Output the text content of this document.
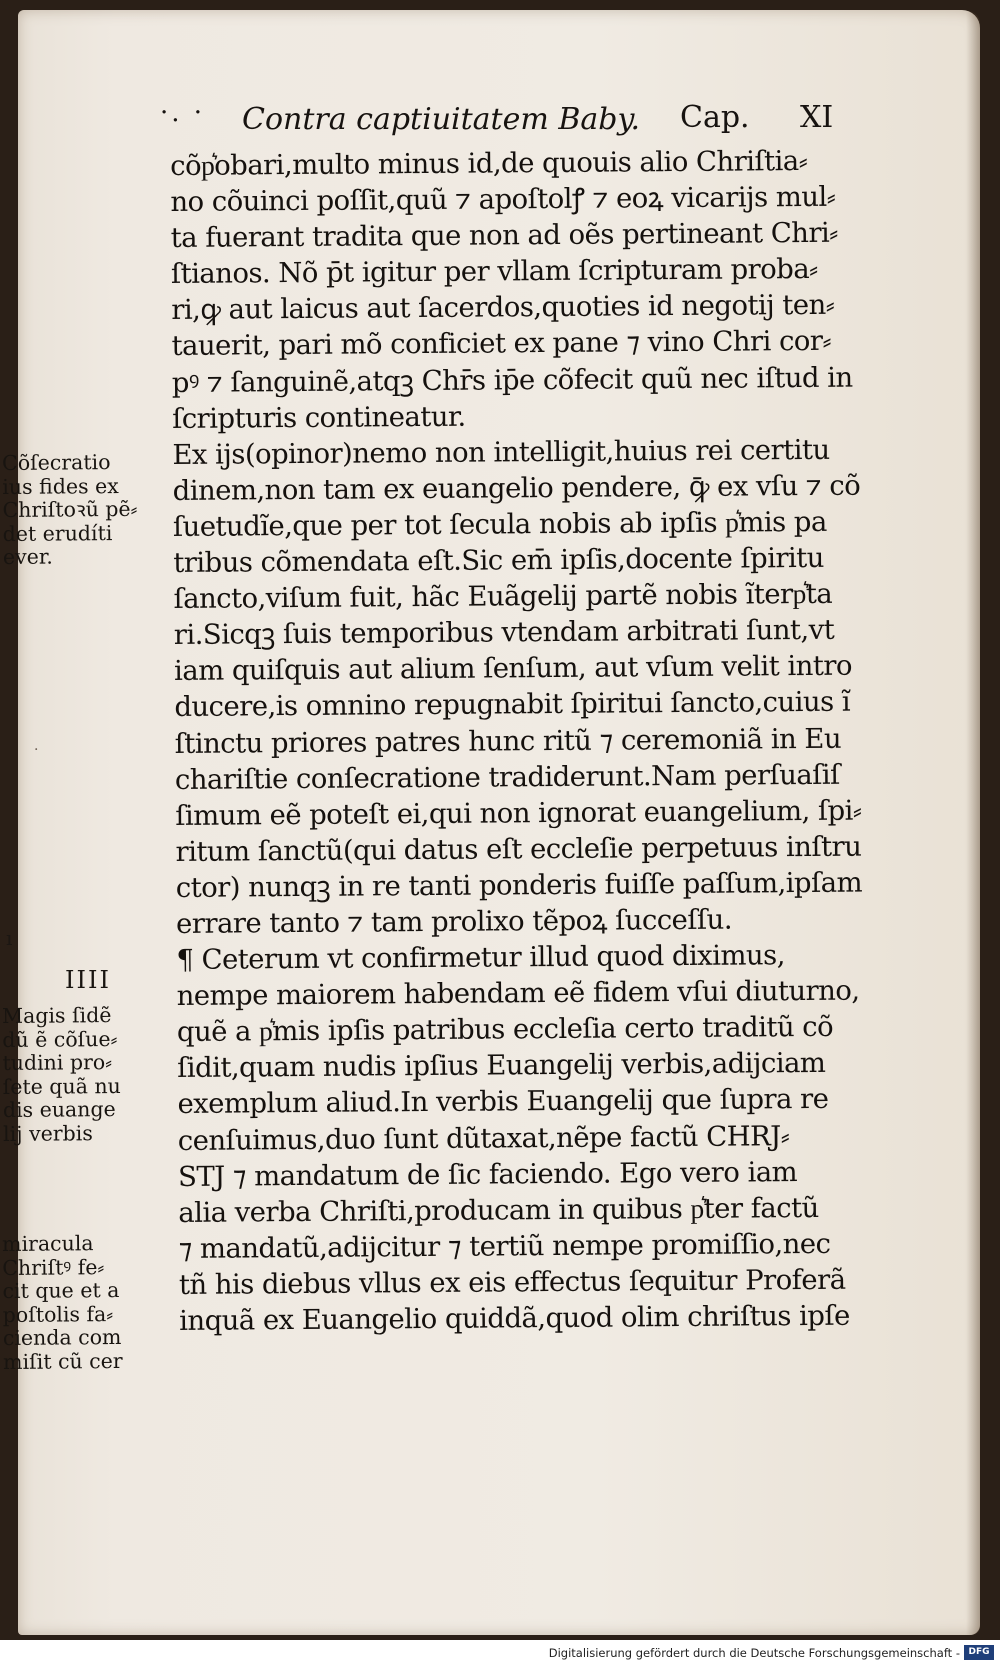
·. · Contra captiuitatem Baby. Cap. XI
cõp͛obari,multo minus id,de quouis alio Chriſtia⸗
no cõuinci poſſit,quũ ⁊ apoſtolꝭ ⁊ eoꝝ vicarijs mul⸗
ta fuerant tradita que non ad oẽs pertineant Chri⸗
ſtianos. Nõ p̄t igitur per vllam ſcripturam proba⸗
ri,ꝙ aut laicus aut ſacerdos,quoties id negotij ten⸗
tauerit, pari mõ conficiet ex pane ⁊ vino Chri cor⸗
pꝰ ⁊ ſanguinẽ,atqꝫ Chr̄s ip̄e cõfecit quũ nec iſtud in
ſcripturis contineatur.
Ex ijs(opinor)nemo non intelligit,huius rei certitu
dinem,non tam ex euangelio pendere, ꝙ̄ ex vſu ⁊ cõ
ſuetudĩe,que per tot ſecula nobis ab ipſis p͛mis pa
tribus cõmendata eſt.Sic em̄ ipſis,docente ſpiritu
ſancto,viſum fuit, hãc Euãgelij partẽ nobis ĩterp͛ta
ri.Sicqꝫ ſuis temporibus vtendam arbitrati ſunt,vt
iam quiſquis aut alium ſenſum, aut vſum velit intro
ducere,is omnino repugnabit ſpiritui ſancto,cuius ĩ
ſtinctu priores patres hunc ritũ ⁊ ceremoniã in Eu
chariſtie conſecratione tradiderunt.Nam perſuaſiſ
ſimum eẽ poteſt ei,qui non ignorat euangelium, ſpi⸗
ritum ſanctũ(qui datus eſt eccleſie perpetuus inſtru
ctor) nunqꝫ in re tanti ponderis fuiſſe paſſum,ipſam
errare tanto ⁊ tam prolixo tẽpoꝝ ſucceſſu.
¶ Ceterum vt confirmetur illud quod diximus,
nempe maiorem habendam eẽ fidem vſui diuturno,
quẽ a p͛mis ipſis patribus eccleſia certo traditũ cõ
ſidit,quam nudis ipſius Euangelij verbis,adijciam
exemplum aliud.In verbis Euangelij que ſupra re
cenſuimus,duo ſunt dũtaxat,nẽpe factũ CHRJ⸗
STJ ⁊ mandatum de ſic faciendo. Ego vero iam
alia verba Chriſti,producam in quibus p͛ter factũ
⁊ mandatũ,adijcitur ⁊ tertiũ nempe promiſſio,nec
tñ his diebus vllus ex eis effectus ſequitur Proferã
inquã ex Euangelio quiddã,quod olim chriſtus ipſe
Cõſecratio
ius fides ex
Chriſtoꝛũ pẽ⸗
det erudíti
ever.
IIII
Magis ſidẽ
dũ ẽ cõſue⸗
tudini pro⸗
ſete quã nu
dis euange
lij verbis
miracula
Chriſtꝰ fe⸗
cit que et a
poſtolis fa⸗
cienda com
miſit cũ cer
ı
·
Digitalisierung gefördert durch die Deutsche Forschungsgemeinschaft - DFG
